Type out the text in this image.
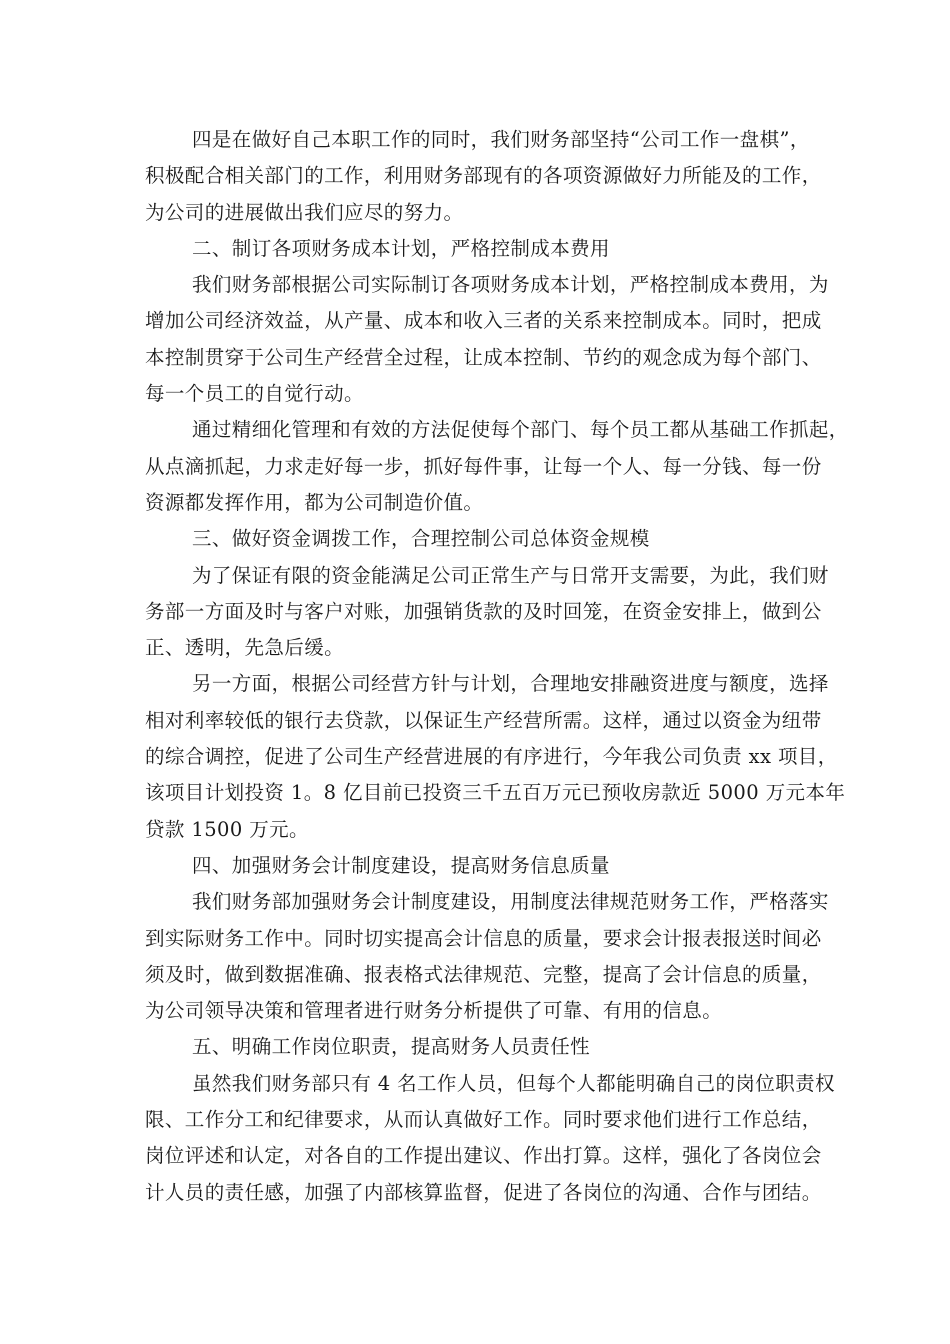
四是在做好自己本职工作的同时，我们财务部坚持“公司工作一盘棋”，
积极配合相关部门的工作，利用财务部现有的各项资源做好力所能及的工作，
为公司的进展做出我们应尽的努力。
二、制订各项财务成本计划，严格控制成本费用
我们财务部根据公司实际制订各项财务成本计划，严格控制成本费用，为
增加公司经济效益，从产量、成本和收入三者的关系来控制成本。同时，把成
本控制贯穿于公司生产经营全过程，让成本控制、节约的观念成为每个部门、
每一个员工的自觉行动。
通过精细化管理和有效的方法促使每个部门、每个员工都从基础工作抓起，
从点滴抓起，力求走好每一步，抓好每件事，让每一个人、每一分钱、每一份
资源都发挥作用，都为公司制造价值。
三、做好资金调拨工作，合理控制公司总体资金规模
为了保证有限的资金能满足公司正常生产与日常开支需要，为此，我们财
务部一方面及时与客户对账，加强销货款的及时回笼，在资金安排上，做到公
正、透明，先急后缓。
另一方面，根据公司经营方针与计划，合理地安排融资进度与额度，选择
相对利率较低的银行去贷款，以保证生产经营所需。这样，通过以资金为纽带
的综合调控，促进了公司生产经营进展的有序进行，今年我公司负责 xx 项目，
该项目计划投资 1。8 亿目前已投资三千五百万元已预收房款近 5000 万元本年
贷款 1500 万元。
四、加强财务会计制度建设，提高财务信息质量
我们财务部加强财务会计制度建设，用制度法律规范财务工作，严格落实
到实际财务工作中。同时切实提高会计信息的质量，要求会计报表报送时间必
须及时，做到数据准确、报表格式法律规范、完整，提高了会计信息的质量，
为公司领导决策和管理者进行财务分析提供了可靠、有用的信息。
五、明确工作岗位职责，提高财务人员责任性
虽然我们财务部只有 4 名工作人员，但每个人都能明确自己的岗位职责权
限、工作分工和纪律要求，从而认真做好工作。同时要求他们进行工作总结，
岗位评述和认定，对各自的工作提出建议、作出打算。这样，强化了各岗位会
计人员的责任感，加强了内部核算监督，促进了各岗位的沟通、合作与团结。
